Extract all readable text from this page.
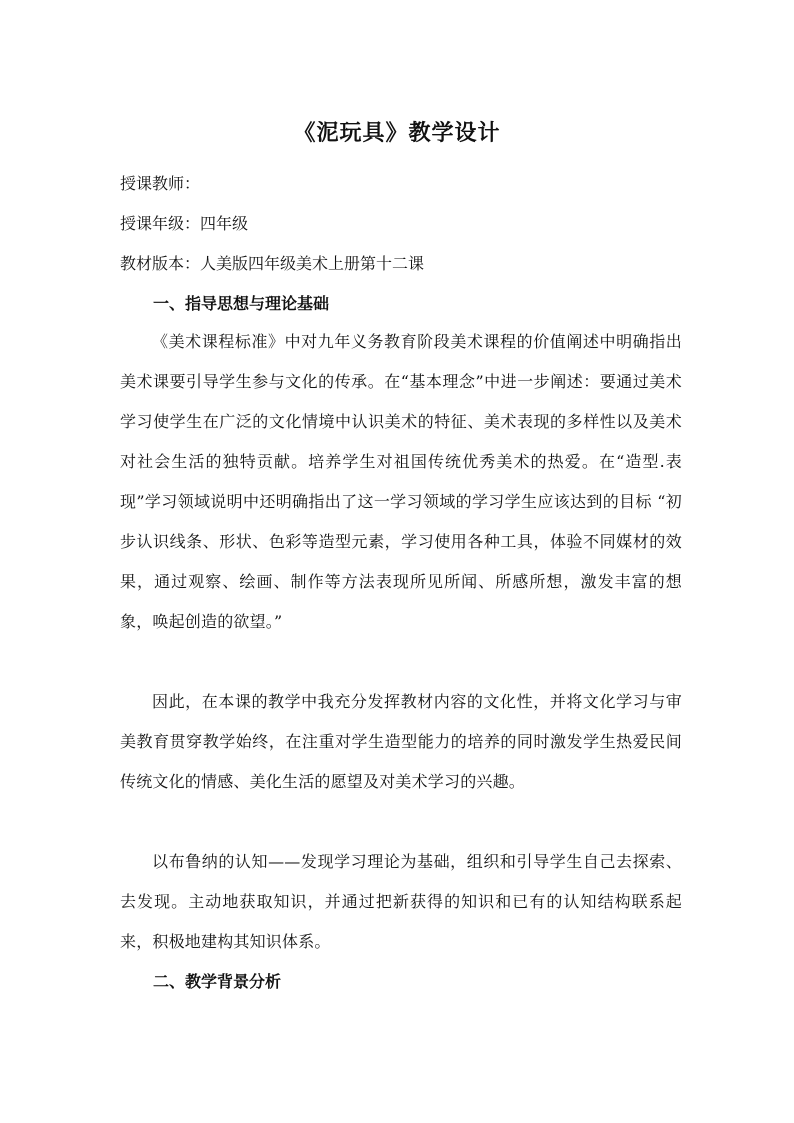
《泥玩具》教学设计
授课教师：
授课年级：四年级
教材版本：人美版四年级美术上册第十二课
一、指导思想与理论基础
《美术课程标准》中对九年义务教育阶段美术课程的价值阐述中明确指出美术课要引导学生参与文化的传承。在“基本理念”中进一步阐述：要通过美术学习使学生在广泛的文化情境中认识美术的特征、美术表现的多样性以及美术对社会生活的独特贡献。培养学生对祖国传统优秀美术的热爱。在“造型.表现”学习领域说明中还明确指出了这一学习领域的学习学生应该达到的目标 “初步认识线条、形状、色彩等造型元素，学习使用各种工具，体验不同媒材的效果，通过观察、绘画、制作等方法表现所见所闻、所感所想，激发丰富的想象，唤起创造的欲望。”
因此，在本课的教学中我充分发挥教材内容的文化性，并将文化学习与审美教育贯穿教学始终，在注重对学生造型能力的培养的同时激发学生热爱民间传统文化的情感、美化生活的愿望及对美术学习的兴趣。
以布鲁纳的认知——发现学习理论为基础，组织和引导学生自己去探索、去发现。主动地获取知识，并通过把新获得的知识和已有的认知结构联系起来，积极地建构其知识体系。
二、教学背景分析
